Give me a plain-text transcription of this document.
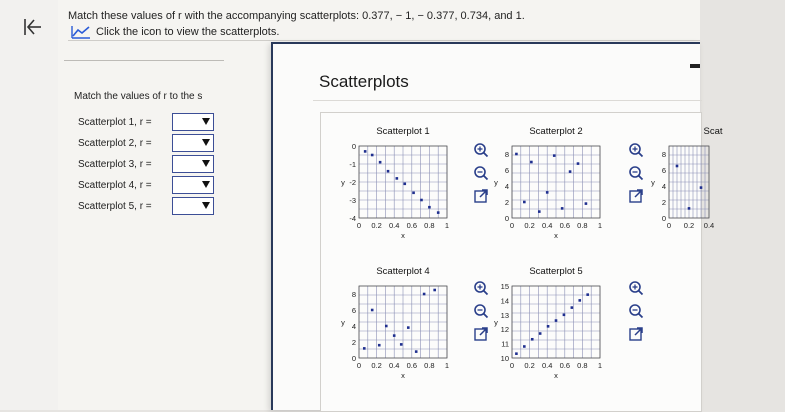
Match these values of r with the accompanying scatterplots: 0.377, − 1, − 0.377, 0.734, and 1.
Click the icon to view the scatterplots.
Match the values of r to the s
Scatterplot 1, r =
Scatterplot 2, r =
Scatterplot 3, r =
Scatterplot 4, r =
Scatterplot 5, r =
Scatterplots
Scatterplot 1
0 0.2 0.4 0.6 0.8 1
0
-1
-2
-3
-4
x
y
Scatterplot 2
0 0.2 0.4 0.6 0.8 1
0
2
4
6
8
x
y
Scatterplot 4
0 0.2 0.4 0.6 0.8 1
0
2
4
6
8
x
y
Scatterplot 5
0 0.2 0.4 0.6 0.8 1
10
11
12
13
14
15
x
y
Scat
0 0.2 0.4
0
2
4
6
8
y
